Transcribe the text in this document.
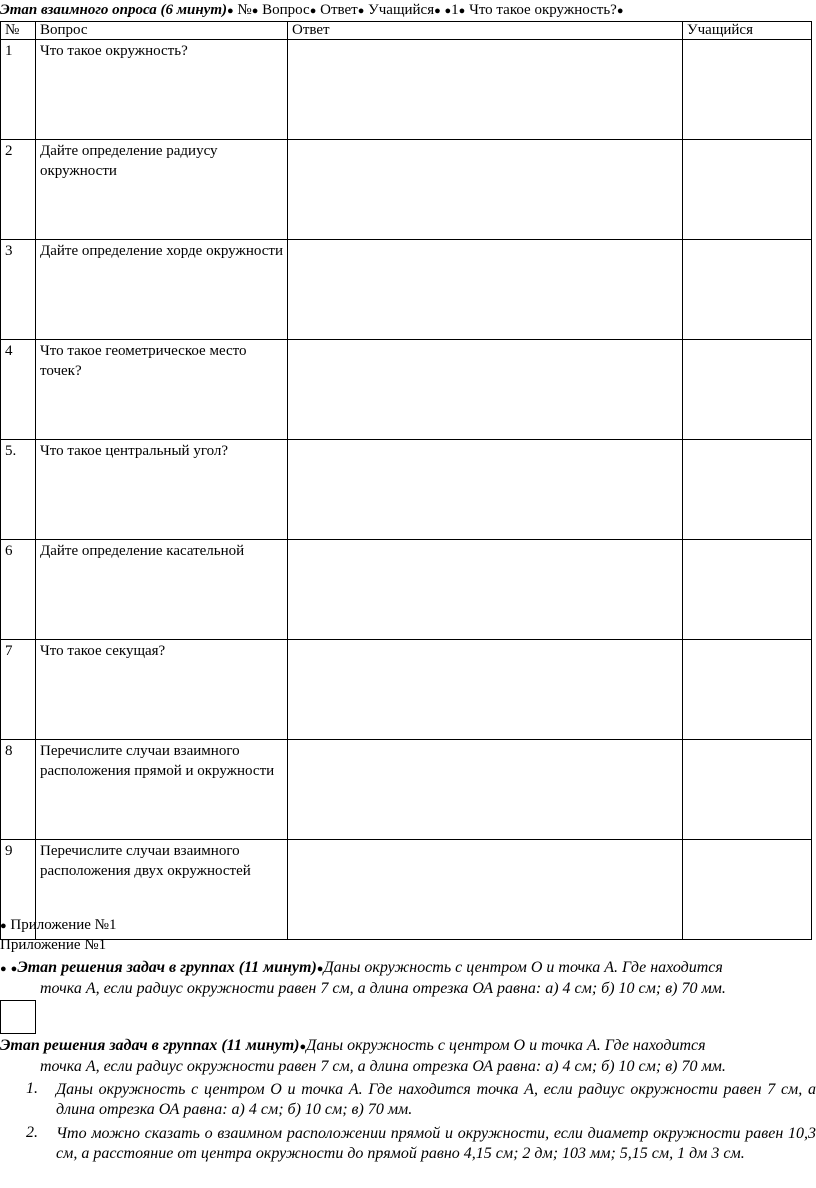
Этап взаимного опроса (6 минут)● №● Вопрос● Ответ● Учащийся● ●1● Что такое окружность?●
№	Вопрос	Ответ	Учащийся
1	Что такое окружность?		
2	Дайте определение радиусу окружности		
3	Дайте определение хорде окружности		
4	Что такое геометрическое место точек?		
5.	Что такое центральный угол?		
6	Дайте определение касательной		
7	Что такое секущая?		
8	Перечислите случаи взаимного расположения прямой и окружности		
9	Перечислите случаи взаимного расположения двух окружностей		
● Приложение №1
Приложение №1
● ●Этап решения задач в группах (11 минут)●Даны окружность с центром О и точка А. Где находится
точка А, если радиус окружности равен 7 см, а длина отрезка ОА равна: а) 4 см; б) 10 см; в) 70 мм.
Этап решения задач в группах (11 минут)●Даны окружность с центром О и точка А. Где находится
точка А, если радиус окружности равен 7 см, а длина отрезка ОА равна: а) 4 см; б) 10 см; в) 70 мм.
1. Даны окружность с центром О и точка А. Где находится точка А, если радиус окружности равен 7 см, а длина отрезка ОА равна: а) 4 см; б) 10 см; в) 70 мм.
2. Что можно сказать о взаимном расположении прямой и окружности, если диаметр окружности равен 10,3 см, а расстояние от центра окружности до прямой равно 4,15 см; 2 дм; 103 мм; 5,15 см, 1 дм 3 см.
